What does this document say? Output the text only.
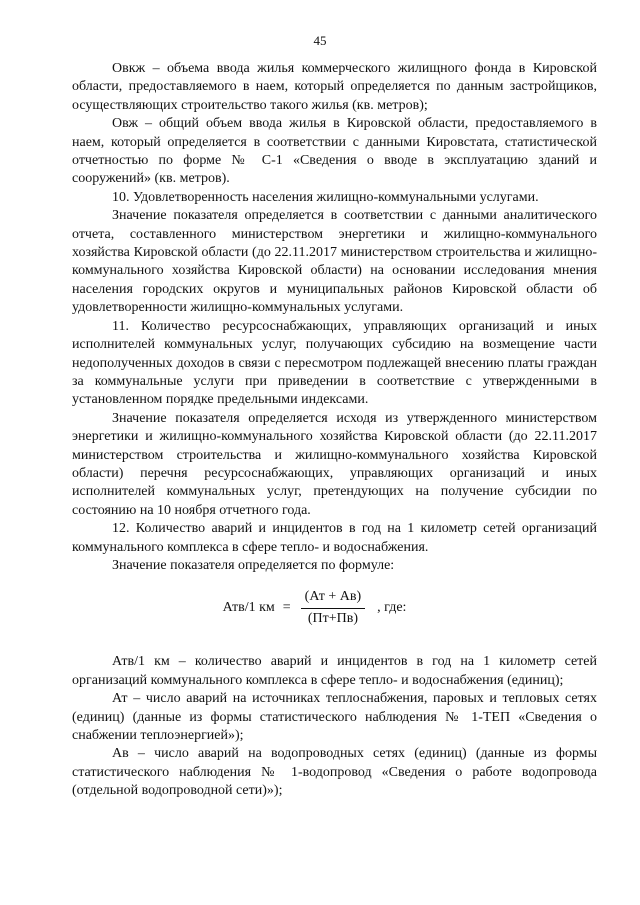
45

Овкж – объема ввода жилья коммерческого жилищного фонда в Кировской области, предоставляемого в наем, который определяется по данным застройщиков, осуществляющих строительство такого жилья (кв. метров);

Овж – общий объем ввода жилья в Кировской области, предоставляемого в наем, который определяется в соответствии с данными Кировстата, статистической отчетностью по форме № С-1 «Сведения о вводе в эксплуатацию зданий и сооружений» (кв. метров).

10. Удовлетворенность населения жилищно-коммунальными услугами.

Значение показателя определяется в соответствии с данными аналитического отчета, составленного министерством энергетики и жилищно-коммунального хозяйства Кировской области (до 22.11.2017 министерством строительства и жилищно-коммунального хозяйства Кировской области) на основании исследования мнения населения городских округов и муниципальных районов Кировской области об удовлетворенности жилищно-коммунальных услугами.

11. Количество ресурсоснабжающих, управляющих организаций и иных исполнителей коммунальных услуг, получающих субсидию на возмещение части недополученных доходов в связи с пересмотром подлежащей внесению платы граждан за коммунальные услуги при приведении в соответствие с утвержденными в установленном порядке предельными индексами.

Значение показателя определяется исходя из утвержденного министерством энергетики и жилищно-коммунального хозяйства Кировской области (до 22.11.2017 министерством строительства и жилищно-коммунального хозяйства Кировской области) перечня ресурсоснабжающих, управляющих организаций и иных исполнителей коммунальных услуг, претендующих на получение субсидии по состоянию на 10 ноября отчетного года.

12. Количество аварий и инцидентов в год на 1 километр сетей организаций коммунального комплекса в сфере тепло- и водоснабжения.

Значение показателя определяется по формуле:

Атв/1 км = $\frac{(Ат + Ав)}{(Пт+Пв)}$ , где:

Атв/1 км – количество аварий и инцидентов в год на 1 километр сетей организаций коммунального комплекса в сфере тепло- и водоснабжения (единиц);

Ат – число аварий на источниках теплоснабжения, паровых и тепловых сетях (единиц) (данные из формы статистического наблюдения № 1-ТЕП «Сведения о снабжении теплоэнергией»);

Ав – число аварий на водопроводных сетях (единиц) (данные из формы статистического наблюдения № 1-водопровод «Сведения о работе водопровода (отдельной водопроводной сети)»);
